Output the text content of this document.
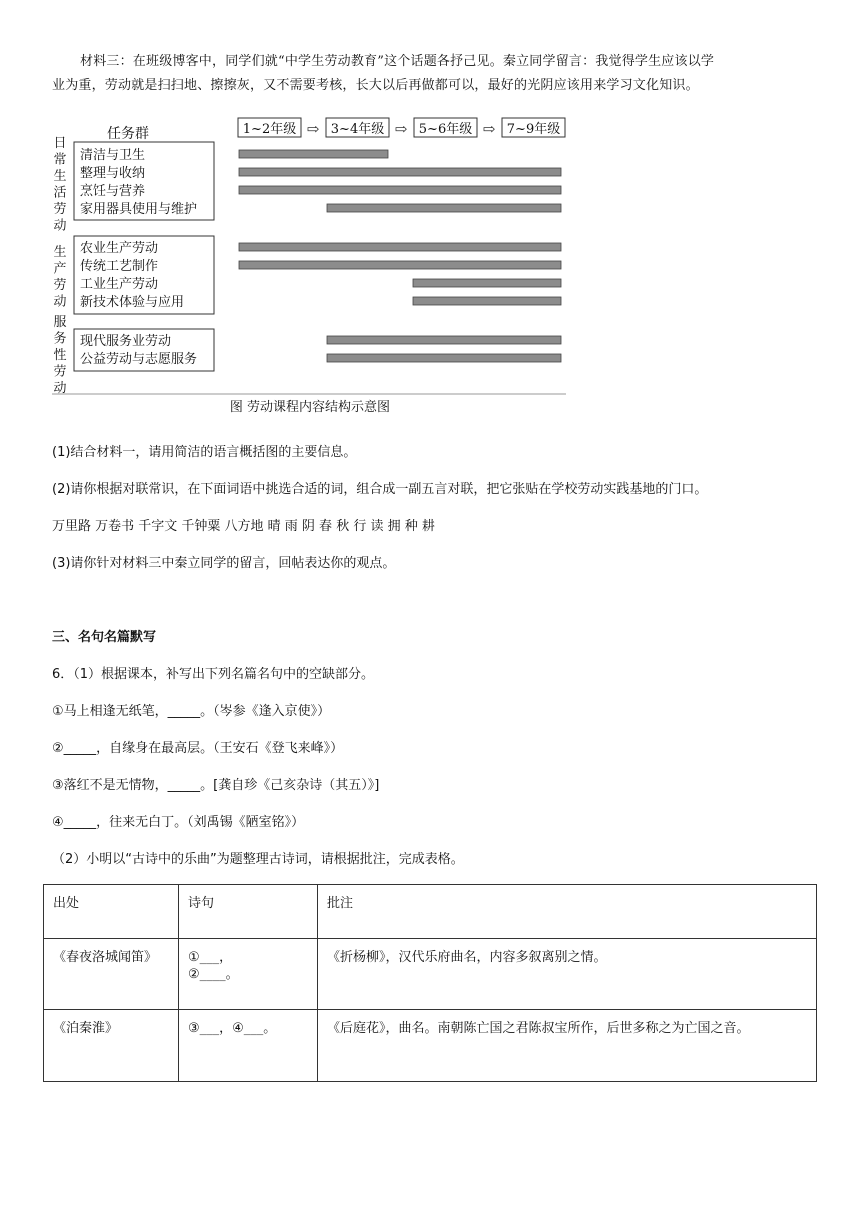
材料三：在班级博客中，同学们就“中学生劳动教育”这个话题各抒己见。秦立同学留言：我觉得学生应该以学
业为重，劳动就是扫扫地、擦擦灰，又不需要考核，长大以后再做都可以，最好的光阴应该用来学习文化知识。
任务群	1~2年级 ⇨ 3~4年级 ⇨ 5~6年级 ⇨ 7~9年级
日
常
生
活
劳
动
清洁与卫生
整理与收纳
烹饪与营养
家用器具使用与维护
生
产
劳
动
农业生产劳动
传统工艺制作
工业生产劳动
新技术体验与应用
服
务
性
劳
动
现代服务业劳动
公益劳动与志愿服务
图 劳动课程内容结构示意图
(1)结合材料一，请用简洁的语言概括图的主要信息。
(2)请你根据对联常识，在下面词语中挑选合适的词，组合成一副五言对联，把它张贴在学校劳动实践基地的门口。
万里路 万卷书 千字文 千钟粟 八方地 晴 雨 阴 春 秋 行 读 拥 种 耕
(3)请你针对材料三中秦立同学的留言，回帖表达你的观点。
三、名句名篇默写
6．（1）根据课本，补写出下列名篇名句中的空缺部分。
①马上相逢无纸笔，_____。（岑参《逢入京使》）
②_____，自缘身在最高层。（王安石《登飞来峰》）
③落红不是无情物，_____。[龚自珍《己亥杂诗（其五）》]
④_____，往来无白丁。（刘禹锡《陋室铭》）
（2）小明以“古诗中的乐曲”为题整理古诗词，请根据批注，完成表格。
出处	诗句	批注
《春夜洛城闻笛》	①___，
②____。	《折杨柳》，汉代乐府曲名，内容多叙离别之情。
《泊秦淮》	③___，④___。	《后庭花》，曲名。南朝陈亡国之君陈叔宝所作，后世多称之为亡国之音。
